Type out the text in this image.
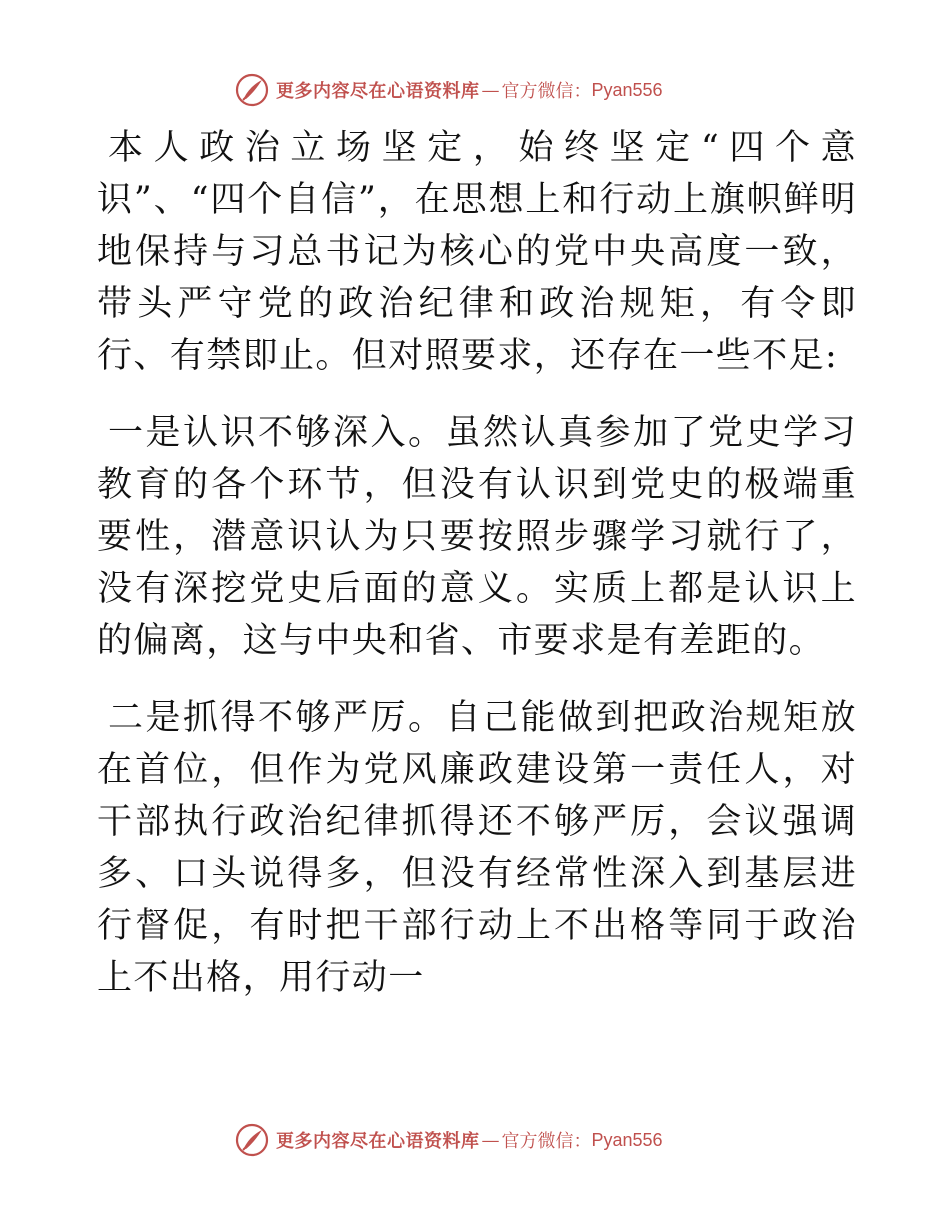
更多内容尽在心语资料库 — 官方微信： Pyan556

本人政治立场坚定，始终坚定“四个意识”、“四个自信”，在思想上和行动上旗帜鲜明地保持与习总书记为核心的党中央高度一致，带头严守党的政治纪律和政治规矩，有令即行、有禁即止。但对照要求，还存在一些不足:

一是认识不够深入。虽然认真参加了党史学习教育的各个环节，但没有认识到党史的极端重要性，潜意识认为只要按照步骤学习就行了，没有深挖党史后面的意义。实质上都是认识上的偏离，这与中央和省、市要求是有差距的。

二是抓得不够严厉。自己能做到把政治规矩放在首位，但作为党风廉政建设第一责任人，对干部执行政治纪律抓得还不够严厉，会议强调多、口头说得多，但没有经常性深入到基层进行督促，有时把干部行动上不出格等同于政治上不出格，用行动一

更多内容尽在心语资料库 — 官方微信： Pyan556
